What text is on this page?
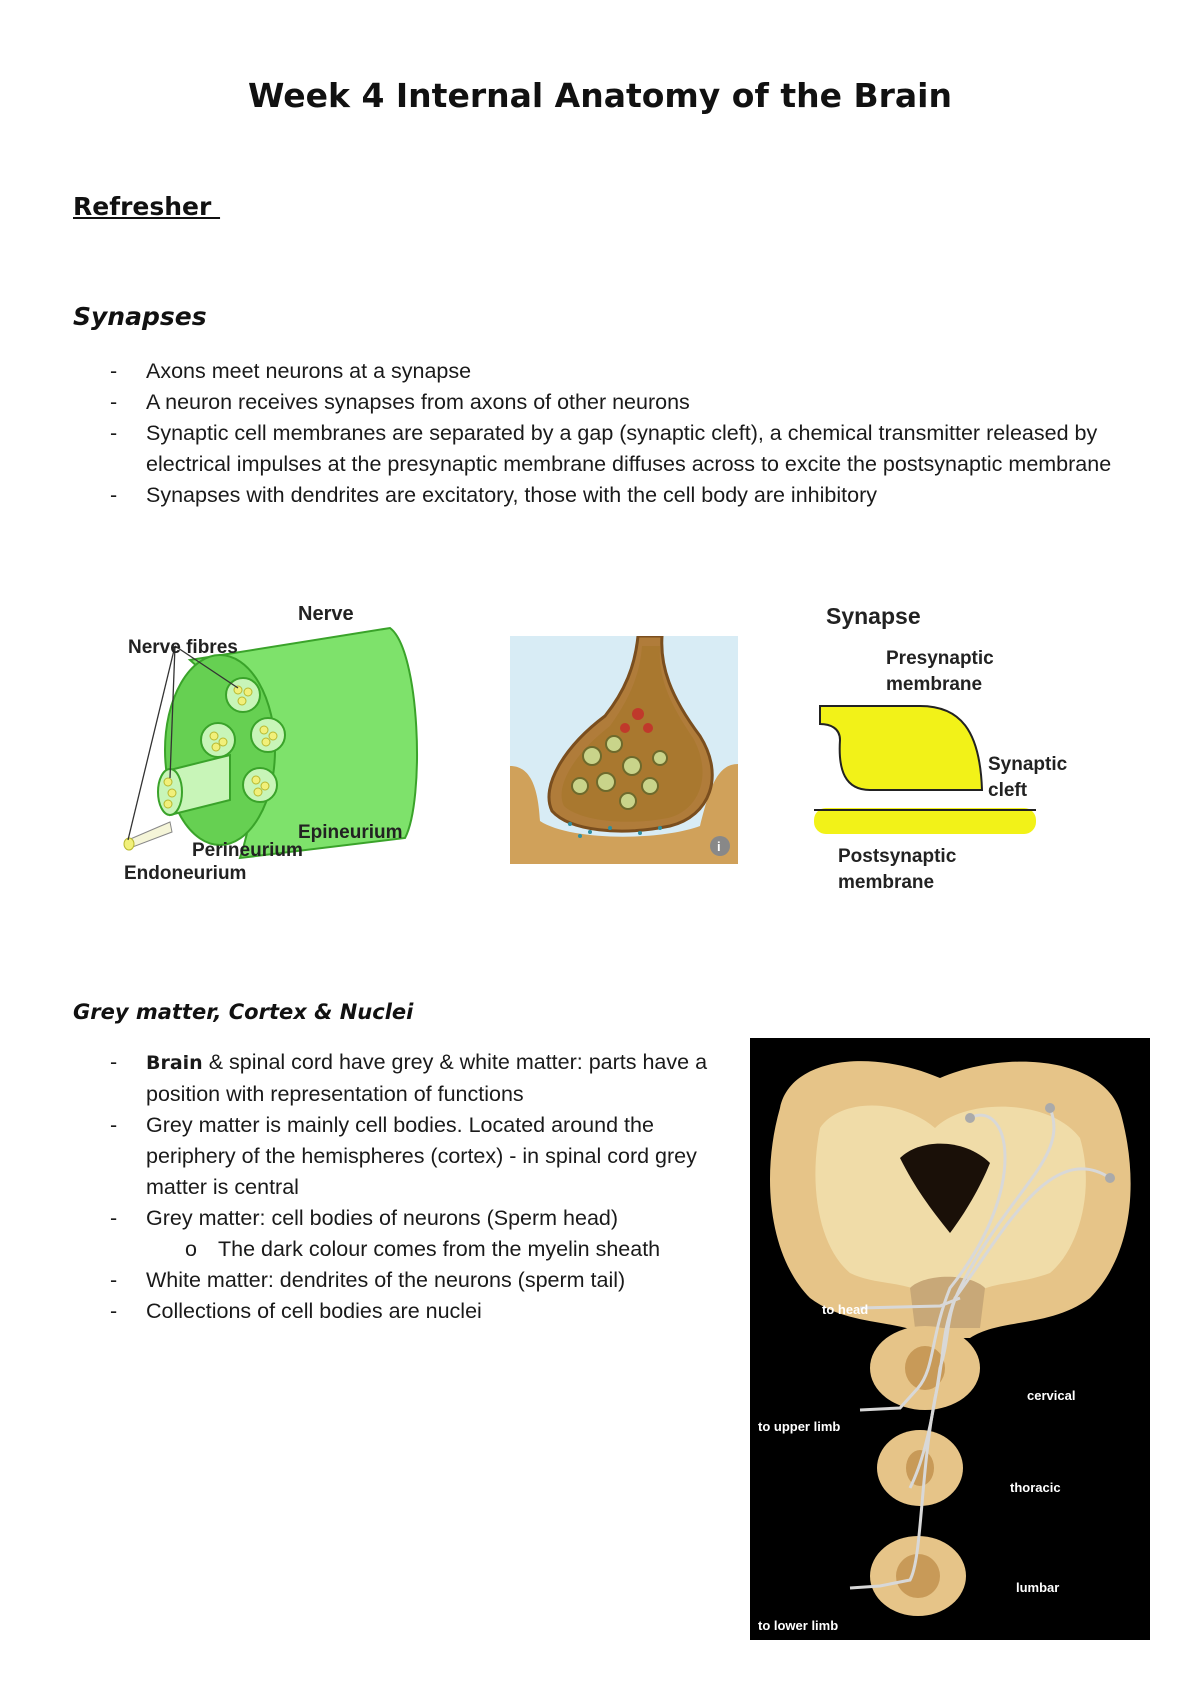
Week 4 Internal Anatomy of the Brain
Refresher
Synapses
- Axons meet neurons at a synapse
- A neuron receives synapses from axons of other neurons
- Synaptic cell membranes are separated by a gap (synaptic cleft), a chemical transmitter released by electrical impulses at the presynaptic membrane diffuses across to excite the postsynaptic membrane
- Synapses with dendrites are excitatory, those with the cell body are inhibitory
Nerve
Nerve fibres
Epineurium
Perineurium
Endoneurium
i
Synapse
Presynaptic
membrane
Synaptic
cleft
Postsynaptic
membrane
Grey matter, Cortex & Nuclei
- Brain & spinal cord have grey & white matter: parts have a position with representation of functions
- Grey matter is mainly cell bodies. Located around the periphery of the hemispheres (cortex) - in spinal cord grey matter is central
- Grey matter: cell bodies of neurons (Sperm head)
o The dark colour comes from the myelin sheath
- White matter: dendrites of the neurons (sperm tail)
- Collections of cell bodies are nuclei	to head
cervical
to upper limb
thoracic
lumbar
to lower limb
